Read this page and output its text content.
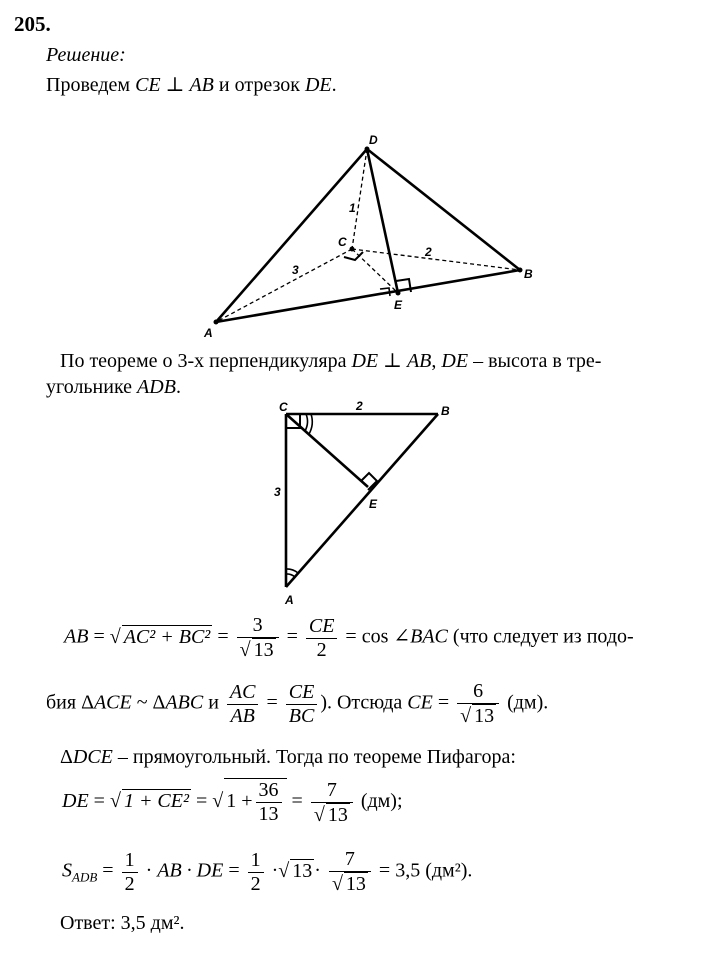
205.
Решение:
Проведем CE ⊥ AB и отрезок DE.
D
C
A
B
E
1
3
2
По теореме о 3-х перпендикуляра DE ⊥ AB, DE – высота в тре-
угольнике ADB.
C	B
A
E
2
3
AB = √ $AC^2 + BC^2 = \frac{3}{√ 13} = \frac{CE}{2} = \cos$ ∠BAC (что следует из подо-
бия ΔACE ~ ΔABC и $\frac{AC}{AB} = \frac{CE}{BC}$ ). Отсюда CE = $\frac{6}{√ 13} (дм)$.
ΔDCE – прямоугольный. Тогда по теореме Пифагора:
DE = √ 1 + CE² = √ $1 + \frac{36}{13} = \frac{7}{√ 13} (дм)$;
$S_{ADB} = \frac{1}{2}$ · AB · DE = $\frac{1}{2}$ ·√ $13 \cdot \frac{7}{√ 13} = 3,5$ (дм²).
Ответ: 3,5 дм².
